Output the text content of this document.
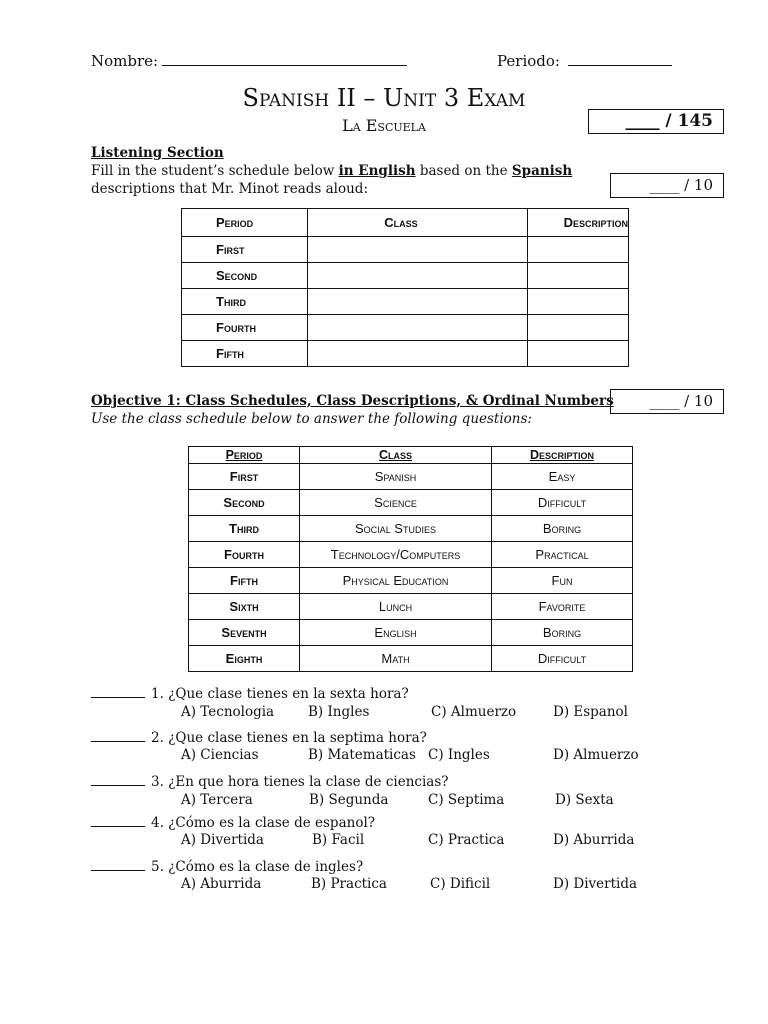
Nombre:	Periodo:
Spanish II – Unit 3 Exam
La Escuela	____ / 145
Listening Section
Fill in the student’s schedule below in English based on the Spanish
descriptions that Mr. Minot reads aloud:	____ / 10
Period	Class	Description
First		
Second		
Third		
Fourth		
Fifth		
Objective 1: Class Schedules, Class Descriptions, & Ordinal Numbers
Use the class schedule below to answer the following questions:
____ / 10
Period	Class	Description
First	Spanish	Easy
Second	Science	Difficult
Third	Social Studies	Boring
Fourth	Technology/Computers	Practical
Fifth	Physical Education	Fun
Sixth	Lunch	Favorite
Seventh	English	Boring
Eighth	Math	Difficult
1. ¿Que clase tienes en la sexta hora?
A) Tecnologia	B) Ingles	C) Almuerzo	D) Espanol
2. ¿Que clase tienes en la septima hora?
A) Ciencias	B) Matematicas C) Ingles	D) Almuerzo
3. ¿En que hora tienes la clase de ciencias?
A) Tercera	B) Segunda	C) Septima	D) Sexta
4. ¿Cómo es la clase de espanol?
A) Divertida	B) Facil	C) Practica	D) Aburrida
5. ¿Cómo es la clase de ingles?
A) Aburrida	B) Practica	C) Dificil	D) Divertida
